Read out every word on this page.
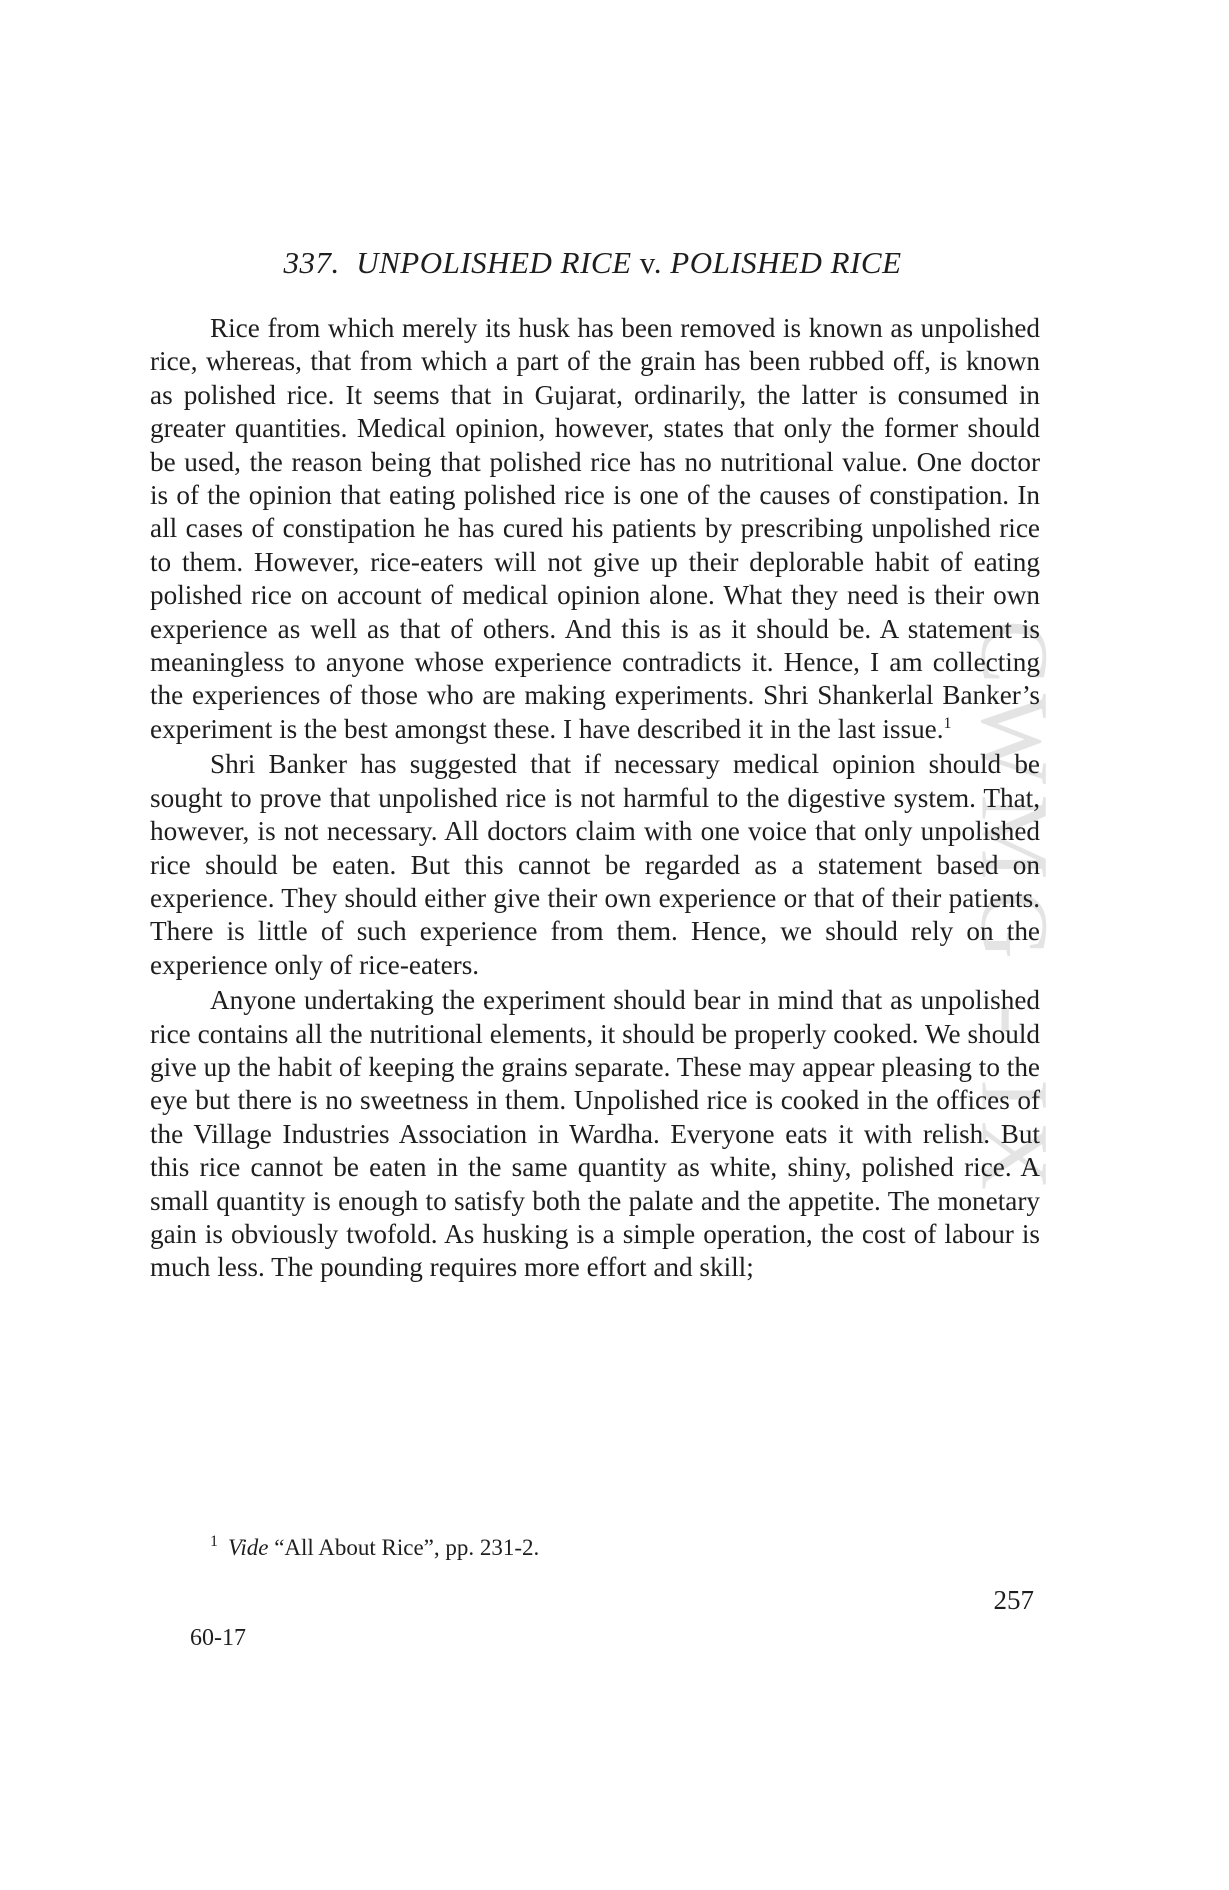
CWMG - IX
337. UNPOLISHED RICE v. POLISHED RICE

Rice from which merely its husk has been removed is known as unpolished rice, whereas, that from which a part of the grain has been rubbed off, is known as polished rice. It seems that in Gujarat, ordinarily, the latter is consumed in greater quantities. Medical opinion, however, states that only the former should be used, the reason being that polished rice has no nutritional value. One doctor is of the opinion that eating polished rice is one of the causes of constipation. In all cases of constipation he has cured his patients by prescribing unpolished rice to them. However, rice-eaters will not give up their deplorable habit of eating polished rice on account of medical opinion alone. What they need is their own experience as well as that of others. And this is as it should be. A statement is meaningless to anyone whose experience contradicts it. Hence, I am collecting the experiences of those who are making experiments. Shri Shankerlal Banker’s experiment is the best amongst these. I have described it in the last issue.$^1$

Shri Banker has suggested that if necessary medical opinion should be sought to prove that unpolished rice is not harmful to the digestive system. That, however, is not necessary. All doctors claim with one voice that only unpolished rice should be eaten. But this cannot be regarded as a statement based on experience. They should either give their own experience or that of their patients. There is little of such experience from them. Hence, we should rely on the experience only of rice-eaters.

Anyone undertaking the experiment should bear in mind that as unpolished rice contains all the nutritional elements, it should be properly cooked. We should give up the habit of keeping the grains separate. These may appear pleasing to the eye but there is no sweetness in them. Unpolished rice is cooked in the offices of the Village Industries Association in Wardha. Everyone eats it with relish. But this rice cannot be eaten in the same quantity as white, shiny, polished rice. A small quantity is enough to satisfy both the palate and the appetite. The monetary gain is obviously twofold. As husking is a simple operation, the cost of labour is much less. The pounding requires more effort and skill;

$^1$ Vide “All About Rice”, pp. 231-2.

257

60-17
